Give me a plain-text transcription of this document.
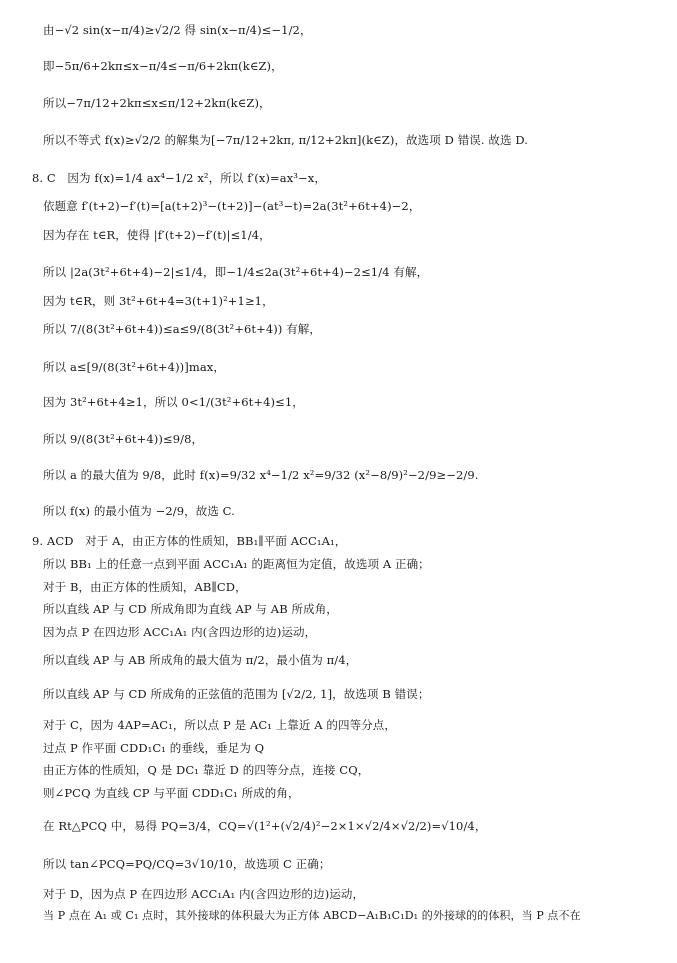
由−√2 sin(x−π/4)≥√2/2 得 sin(x−π/4)≤−1/2，
即−5π/6+2kπ≤x−π/4≤−π/6+2kπ(k∈Z)，
所以−7π/12+2kπ≤x≤π/12+2kπ(k∈Z)，
所以不等式 f(x)≥√2/2 的解集为[−7π/12+2kπ, π/12+2kπ](k∈Z)，故选项 D 错误. 故选 D.
8. C　因为 f(x)=1/4 ax⁴−1/2 x²，所以 f′(x)=ax³−x，
依题意 f′(t+2)−f′(t)=[a(t+2)³−(t+2)]−(at³−t)=2a(3t²+6t+4)−2，
因为存在 t∈R，使得 |f′(t+2)−f′(t)|≤1/4，
所以 |2a(3t²+6t+4)−2|≤1/4，即−1/4≤2a(3t²+6t+4)−2≤1/4 有解，
因为 t∈R，则 3t²+6t+4=3(t+1)²+1≥1，
所以 7/(8(3t²+6t+4))≤a≤9/(8(3t²+6t+4)) 有解，
所以 a≤[9/(8(3t²+6t+4))]max，
因为 3t²+6t+4≥1，所以 0<1/(3t²+6t+4)≤1，
所以 9/(8(3t²+6t+4))≤9/8，
所以 a 的最大值为 9/8，此时 f(x)=9/32 x⁴−1/2 x²=9/32 (x²−8/9)²−2/9≥−2/9.
所以 f(x) 的最小值为 −2/9，故选 C.
9. ACD　对于 A，由正方体的性质知，BB₁∥平面 ACC₁A₁，
所以 BB₁ 上的任意一点到平面 ACC₁A₁ 的距离恒为定值，故选项 A 正确；
对于 B，由正方体的性质知，AB∥CD，
所以直线 AP 与 CD 所成角即为直线 AP 与 AB 所成角，
因为点 P 在四边形 ACC₁A₁ 内(含四边形的边)运动，
所以直线 AP 与 AB 所成角的最大值为 π/2，最小值为 π/4，
所以直线 AP 与 CD 所成角的正弦值的范围为 [√2/2, 1]，故选项 B 错误；
对于 C，因为 4AP=AC₁，所以点 P 是 AC₁ 上靠近 A 的四等分点，
过点 P 作平面 CDD₁C₁ 的垂线，垂足为 Q
由正方体的性质知，Q 是 DC₁ 靠近 D 的四等分点，连接 CQ，
则∠PCQ 为直线 CP 与平面 CDD₁C₁ 所成的角，
在 Rt△PCQ 中，易得 PQ=3/4，CQ=√(1²+(√2/4)²−2×1×√2/4×√2/2)=√10/4，
所以 tan∠PCQ=PQ/CQ=3√10/10，故选项 C 正确；
对于 D，因为点 P 在四边形 ACC₁A₁ 内(含四边形的边)运动，
当 P 点在 A₁ 或 C₁ 点时，其外接球的体积最大为正方体 ABCD−A₁B₁C₁D₁ 的外接球的的体积，当 P 点不在
